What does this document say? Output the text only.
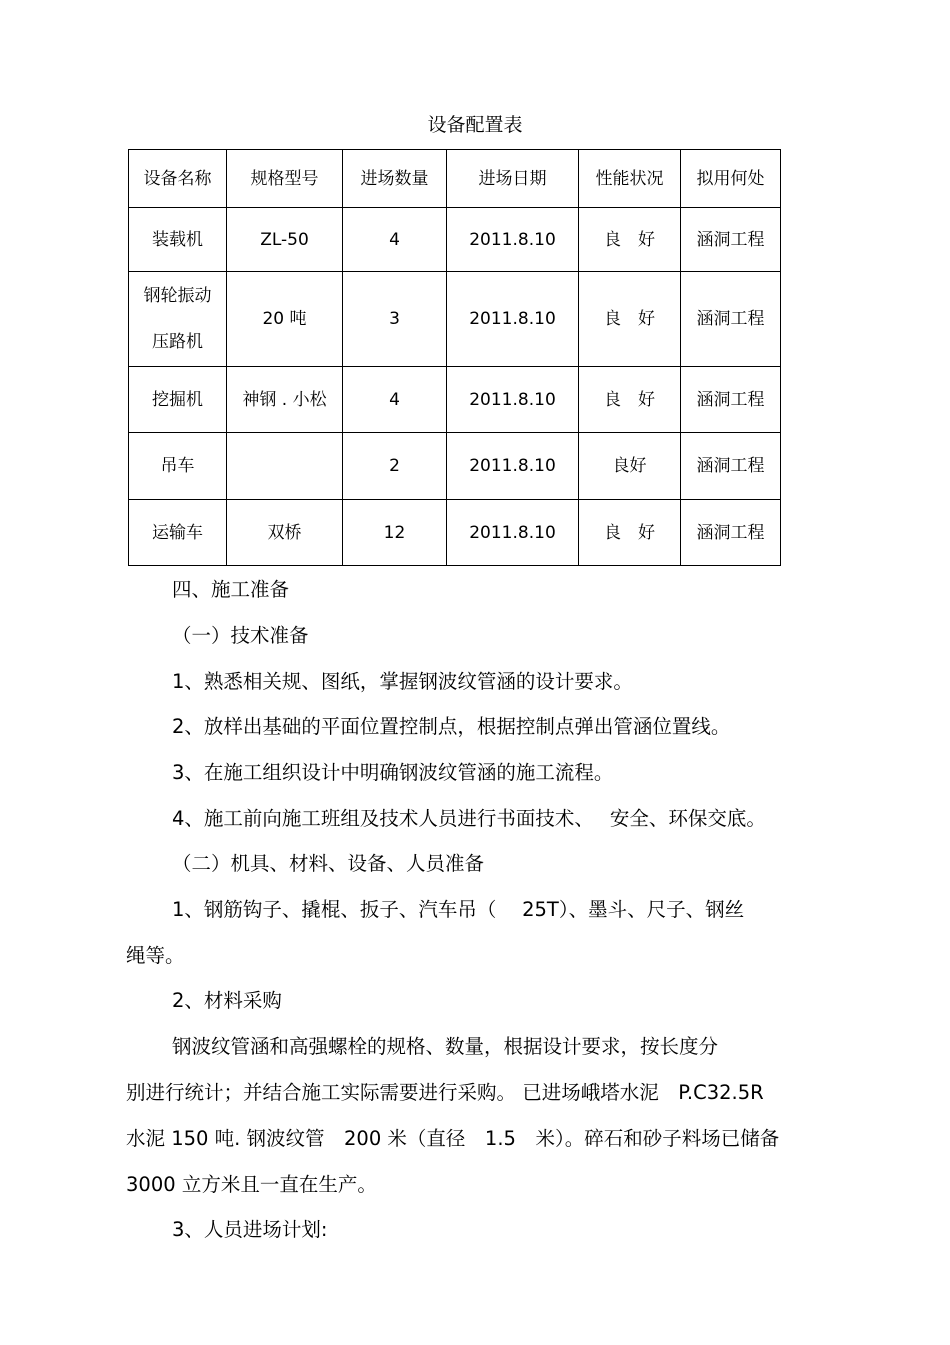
设备配置表
设备名称	规格型号	进场数量	进场日期	性能状况	拟用何处
装载机	ZL-50	4	2011.8.10	良　好	涵洞工程

钢轮振动压路机	20 吨	3	2011.8.10	良　好	涵洞工程
挖掘机	神钢 . 小松	4	2011.8.10	良　好	涵洞工程
吊车		2	2011.8.10	良好	涵洞工程
运输车	双桥	12	2011.8.10	良　好	涵洞工程
四、施工准备
（一）技术准备
1、熟悉相关规、图纸，掌握钢波纹管涵的设计要求。
2、放样出基础的平面位置控制点，根据控制点弹出管涵位置线。
3、在施工组织设计中明确钢波纹管涵的施工流程。
4、施工前向施工班组及技术人员进行书面技术、　 安全、环保交底。
（二）机具、材料、设备、人员准备
1、钢筋钩子、撬棍、扳子、汽车吊（　 25T）、墨斗、尺子、钢丝
绳等。
2、材料采购
钢波纹管涵和高强螺栓的规格、数量，根据设计要求，按长度分
别进行统计；并结合施工实际需要进行采购。 已进场峨塔水泥　P.C32.5R
水泥 150 吨. 钢波纹管　200 米（直径　1.5　米）。碎石和砂子料场已储备
3000 立方米且一直在生产。
3、人员进场计划:
